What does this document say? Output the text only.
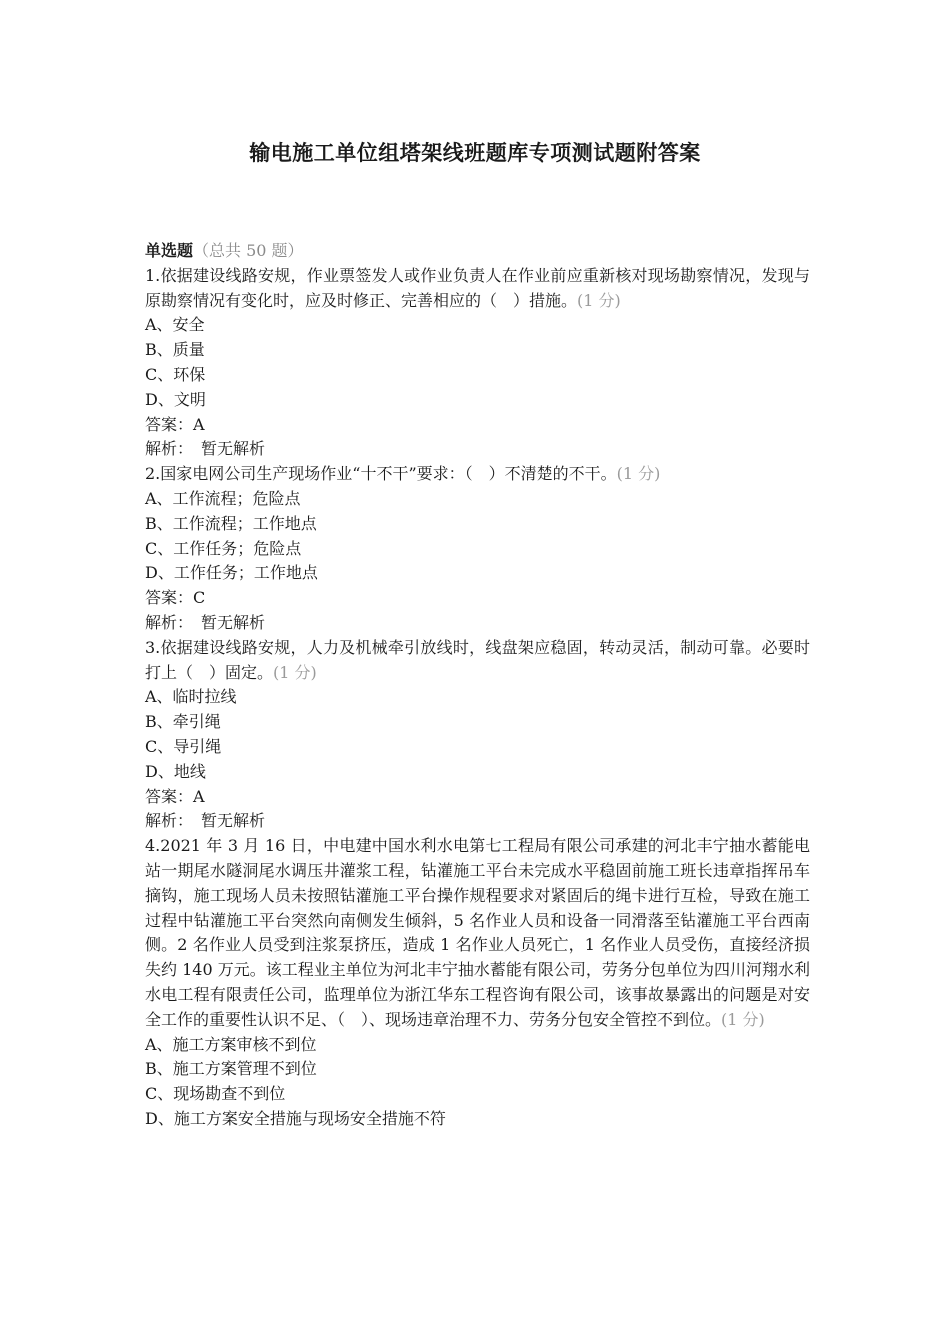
输电施工单位组塔架线班题库专项测试题附答案
单选题（总共 50 题）
1.依据建设线路安规，作业票签发人或作业负责人在作业前应重新核对现场勘察情况，发现与原勘察情况有变化时，应及时修正、完善相应的（　）措施。(1 分)
A、安全
B、质量
C、环保
D、文明
答案：A
解析：　暂无解析
2.国家电网公司生产现场作业“十不干”要求：（　）不清楚的不干。(1 分)
A、工作流程；危险点
B、工作流程；工作地点
C、工作任务；危险点
D、工作任务；工作地点
答案：C
解析：　暂无解析
3.依据建设线路安规，人力及机械牵引放线时，线盘架应稳固，转动灵活，制动可靠。必要时打上（　）固定。(1 分)
A、临时拉线
B、牵引绳
C、导引绳
D、地线
答案：A
解析：　暂无解析
4.2021 年 3 月 16 日，中电建中国水利水电第七工程局有限公司承建的河北丰宁抽水蓄能电站一期尾水隧洞尾水调压井灌浆工程，钻灌施工平台未完成水平稳固前施工班长违章指挥吊车摘钩，施工现场人员未按照钻灌施工平台操作规程要求对紧固后的绳卡进行互检，导致在施工过程中钻灌施工平台突然向南侧发生倾斜，5 名作业人员和设备一同滑落至钻灌施工平台西南侧。2 名作业人员受到注浆泵挤压，造成 1 名作业人员死亡，1 名作业人员受伤，直接经济损失约 140 万元。该工程业主单位为河北丰宁抽水蓄能有限公司，劳务分包单位为四川河翔水利水电工程有限责任公司，监理单位为浙江华东工程咨询有限公司，该事故暴露出的问题是对安全工作的重要性认识不足、（　）、现场违章治理不力、劳务分包安全管控不到位。(1 分)
A、施工方案审核不到位
B、施工方案管理不到位
C、现场勘查不到位
D、施工方案安全措施与现场安全措施不符
